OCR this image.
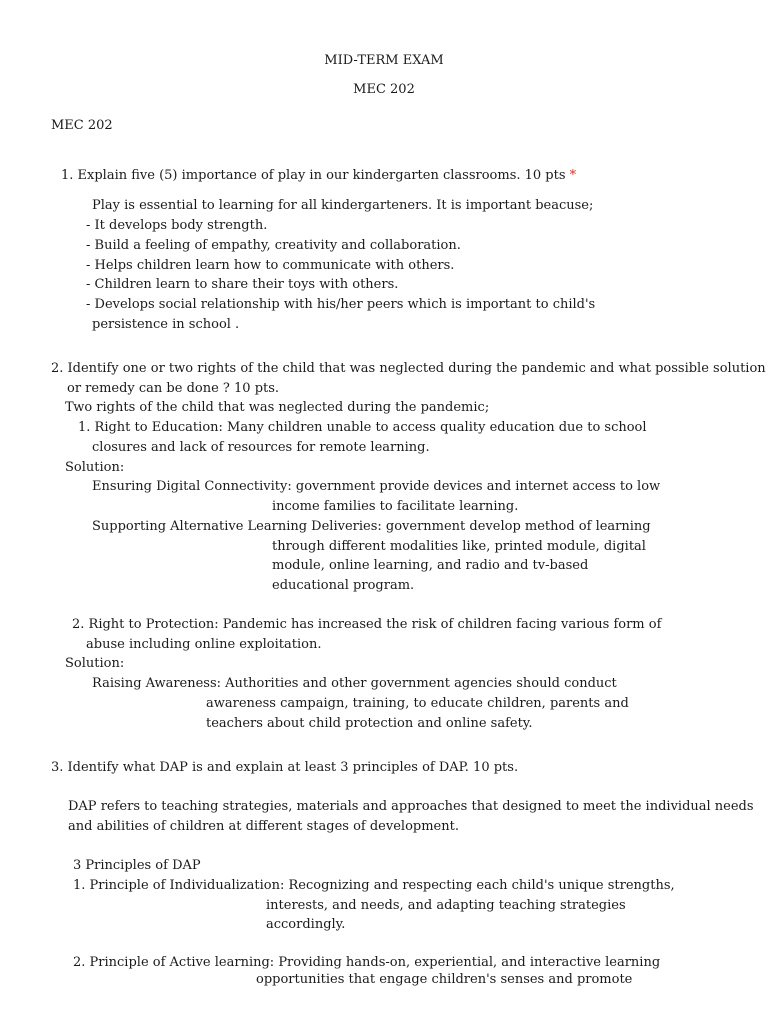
MID-TERM EXAM
MEC 202
MEC 202
1. Explain five (5) importance of play in our kindergarten classrooms. 10 pts *
Play is essential to learning for all kindergarteners. It is important beacuse;
- It develops body strength.
- Build a feeling of empathy, creativity and collaboration.
- Helps children learn how to communicate with others.
- Children learn to share their toys with others.
- Develops social relationship with his/her peers which is important to child's
persistence in school .
2. Identify one or two rights of the child that was neglected during the pandemic and what possible solution
or remedy can be done ? 10 pts.
Two rights of the child that was neglected during the pandemic;
1. Right to Education: Many children unable to access quality education due to school
closures and lack of resources for remote learning.
Solution:
Ensuring Digital Connectivity: government provide devices and internet access to low
income families to facilitate learning.
Supporting Alternative Learning Deliveries: government develop method of learning
through different modalities like, printed module, digital
module, online learning, and radio and tv-based
educational program.
2. Right to Protection: Pandemic has increased the risk of children facing various form of
abuse including online exploitation.
Solution:
Raising Awareness: Authorities and other government agencies should conduct
awareness campaign, training, to educate children, parents and
teachers about child protection and online safety.
3. Identify what DAP is and explain at least 3 principles of DAP. 10 pts.
DAP refers to teaching strategies, materials and approaches that designed to meet the individual needs
and abilities of children at different stages of development.
3 Principles of DAP
1. Principle of Individualization: Recognizing and respecting each child's unique strengths,
interests, and needs, and adapting teaching strategies
accordingly.
2. Principle of Active learning: Providing hands-on, experiential, and interactive learning
opportunities that engage children's senses and promote
